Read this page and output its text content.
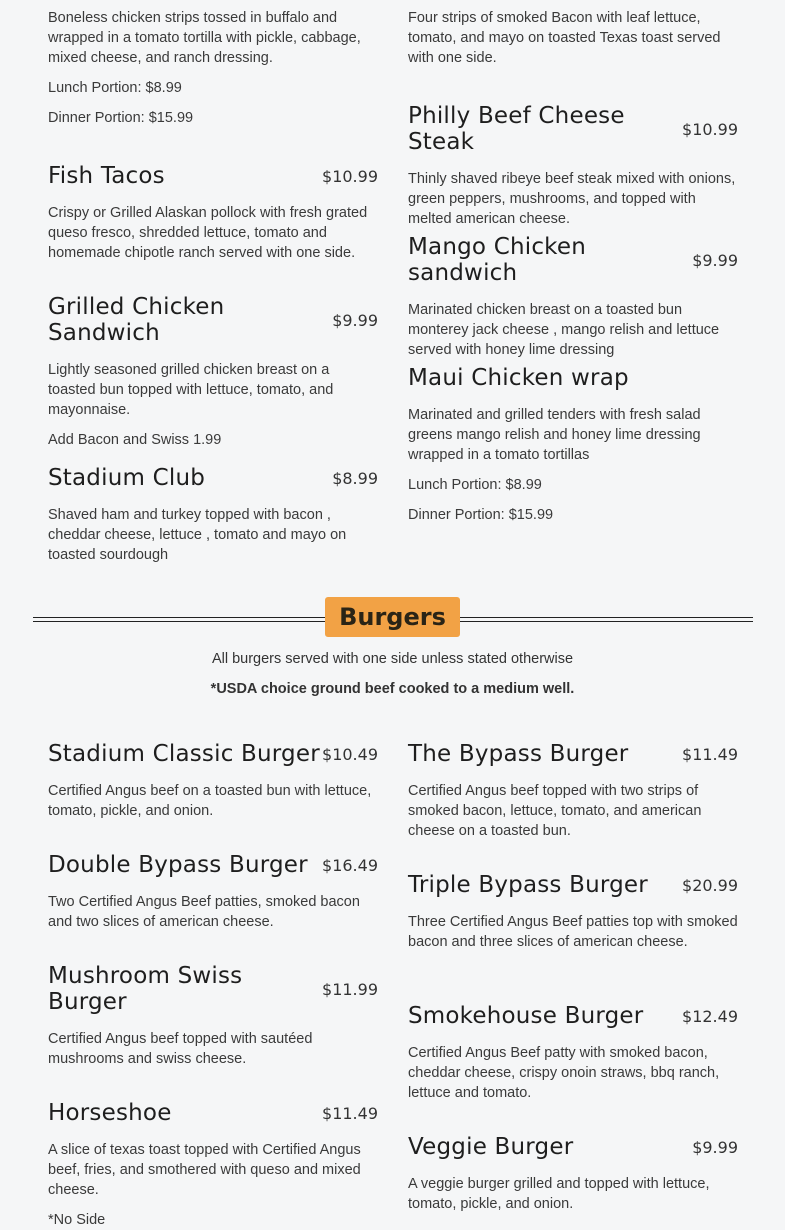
Boneless chicken strips tossed in buffalo and wrapped in a tomato tortilla with pickle, cabbage, mixed cheese, and ranch dressing.

Lunch Portion: $8.99

Dinner Portion: $15.99

Four strips of smoked Bacon with leaf lettuce, tomato, and mayo on toasted Texas toast served with one side.

Fish Tacos	$10.99
Crispy or Grilled Alaskan pollock with fresh grated queso fresco, shredded lettuce, tomato and homemade chipotle ranch served with one side.
Grilled Chicken Sandwich	$9.99
Lightly seasoned grilled chicken breast on a toasted bun topped with lettuce, tomato, and mayonnaise.
Add Bacon and Swiss 1.99
Stadium Club	$8.99
Shaved ham and turkey topped with bacon , cheddar cheese, lettuce , tomato and mayo on toasted sourdough
Philly Beef Cheese Steak	$10.99
Thinly shaved ribeye beef steak mixed with onions, green peppers, mushrooms, and topped with melted american cheese.
Mango Chicken sandwich	$9.99
Marinated chicken breast on a toasted bun monterey jack cheese , mango relish and lettuce served with honey lime dressing
Maui Chicken wrap
Marinated and grilled tenders with fresh salad greens mango relish and honey lime dressing wrapped in a tomato tortillas
Lunch Portion: $8.99
Dinner Portion: $15.99
Burgers
All burgers served with one side unless stated otherwise
*USDA choice ground beef cooked to a medium well.
Stadium Classic Burger $10.49
Certified Angus beef on a toasted bun with lettuce, tomato, pickle, and onion.
Double Bypass Burger $16.49
Two Certified Angus Beef patties, smoked bacon and two slices of american cheese.
Mushroom Swiss Burger	$11.99
Certified Angus beef topped with sautéed mushrooms and swiss cheese.
Horseshoe	$11.49
A slice of texas toast topped with Certified Angus beef, fries, and smothered with queso and mixed cheese.
*No Side
The Bypass Burger	$11.49
Certified Angus beef topped with two strips of smoked bacon, lettuce, tomato, and american cheese on a toasted bun.
Triple Bypass Burger $20.99
Three Certified Angus Beef patties top with smoked bacon and three slices of american cheese.
Smokehouse Burger $12.49
Certified Angus Beef patty with smoked bacon, cheddar cheese, crispy onoin straws, bbq ranch, lettuce and tomato.
Veggie Burger	$9.99
A veggie burger grilled and topped with lettuce, tomato, pickle, and onion.
